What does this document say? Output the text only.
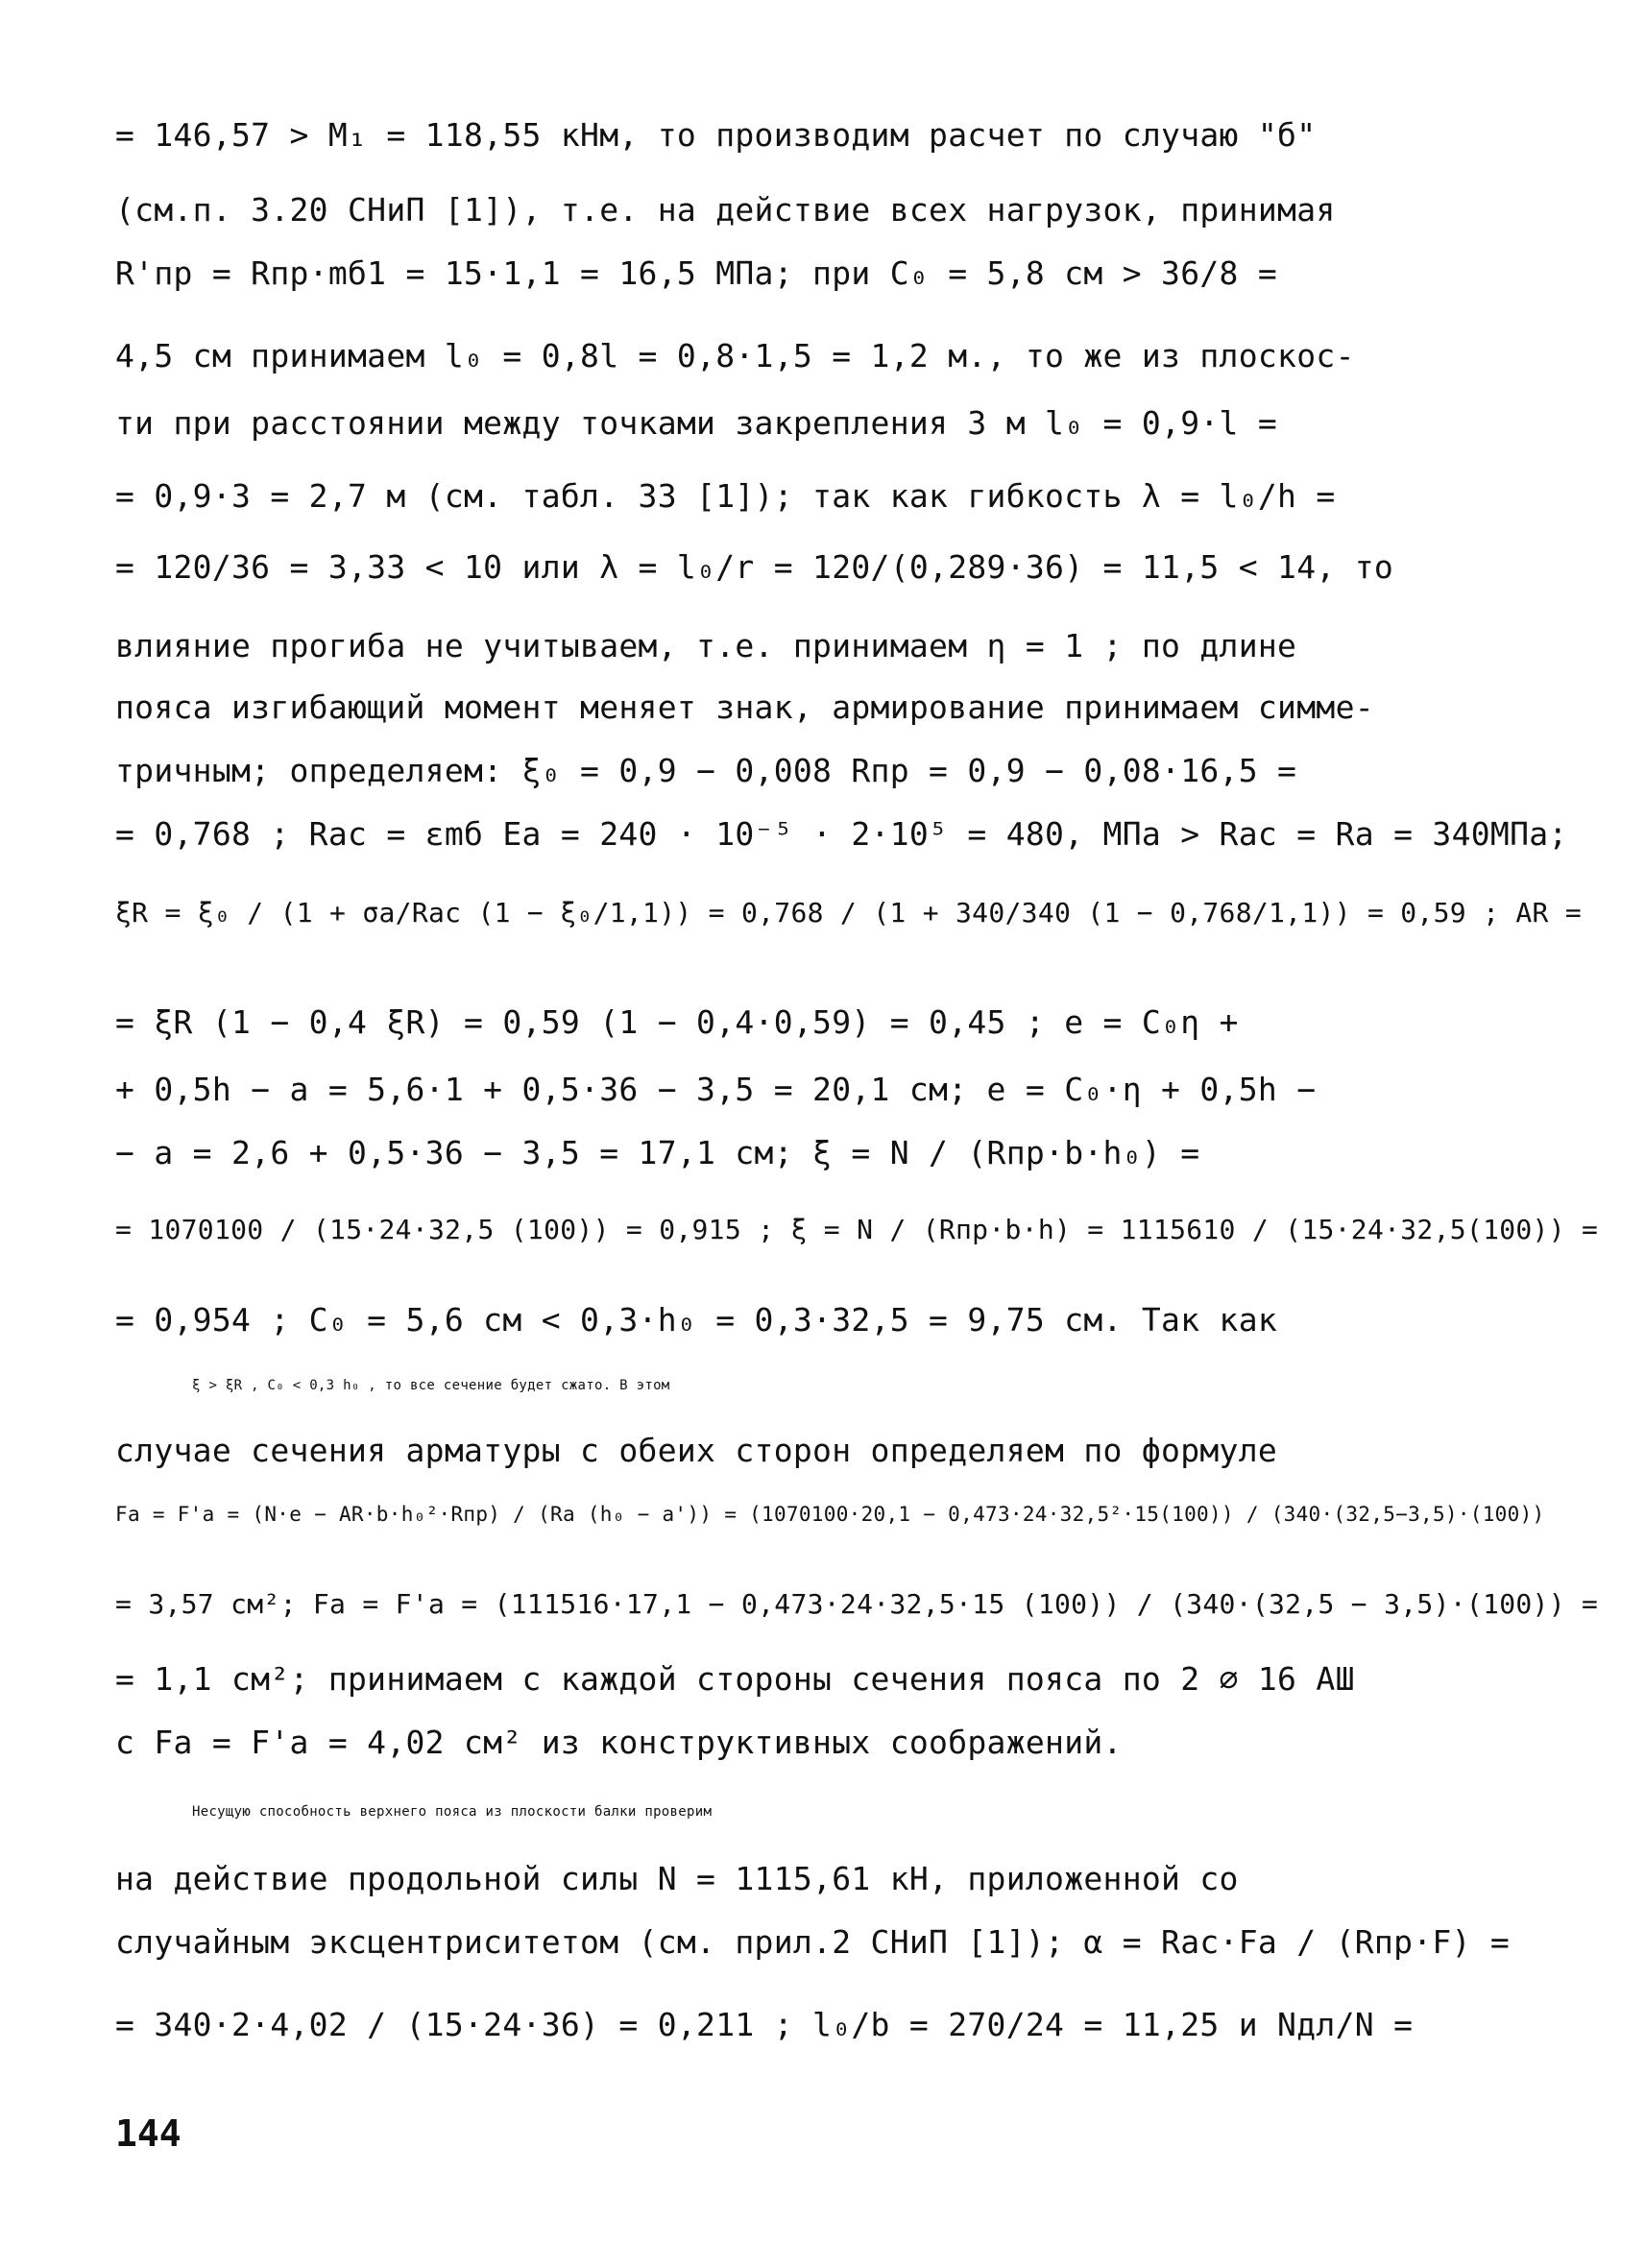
= 146,57 > M₁ = 118,55 кНм, то производим расчет по случаю "б"
(см.п. 3.20 СНиП [1]), т.е. на действие всех нагрузок, принимая
R'пр = Rпр·mб1 = 15·1,1 = 16,5 МПа; при C₀ = 5,8 см > 36/8 =
4,5 см принимаем l₀ = 0,8l = 0,8·1,5 = 1,2 м., то же из плоскос-
ти при расстоянии между точками закрепления 3 м l₀ = 0,9·l =
= 0,9·3 = 2,7 м (см. табл. 33 [1]); так как гибкость λ = l₀/h =
= 120/36 = 3,33 < 10 или λ = l₀/r = 120/(0,289·36) = 11,5 < 14, то
влияние прогиба не учитываем, т.е. принимаем η = 1 ; по длине
пояса изгибающий момент меняет знак, армирование принимаем симме-
тричным; определяем: ξ₀ = 0,9 − 0,008 Rпр = 0,9 − 0,08·16,5 =
= 0,768 ; Rас = εmб Eа = 240 · 10⁻⁵ · 2·10⁵ = 480, МПа > Rас = Rа = 340МПа;
ξR = ξ₀ / (1 + σа/Rас (1 − ξ₀/1,1)) = 0,768 / (1 + 340/340 (1 − 0,768/1,1)) = 0,59 ; AR =
= ξR (1 − 0,4 ξR) = 0,59 (1 − 0,4·0,59) = 0,45 ; e = C₀η +
+ 0,5h − a = 5,6·1 + 0,5·36 − 3,5 = 20,1 см; e = C₀·η + 0,5h −
− a = 2,6 + 0,5·36 − 3,5 = 17,1 см; ξ = N / (Rпр·b·h₀) =
= 1070100 / (15·24·32,5 (100)) = 0,915 ; ξ = N / (Rпр·b·h) = 1115610 / (15·24·32,5(100)) =
= 0,954 ; C₀ = 5,6 см < 0,3·h₀ = 0,3·32,5 = 9,75 см. Так как
ξ > ξR , C₀ < 0,3 h₀ , то все сечение будет сжато. В этом
случае сечения арматуры с обеих сторон определяем по формуле
Fа = F'а = (N·e − AR·b·h₀²·Rпр) / (Rа (h₀ − a')) = (1070100·20,1 − 0,473·24·32,5²·15(100)) / (340·(32,5−3,5)·(100))
= 3,57 см²; Fа = F'а = (111516·17,1 − 0,473·24·32,5·15 (100)) / (340·(32,5 − 3,5)·(100)) =
= 1,1 см²; принимаем с каждой стороны сечения пояса по 2 ∅ 16 АШ
с Fа = F'а = 4,02 см² из конструктивных соображений.
Несущую способность верхнего пояса из плоскости балки проверим
на действие продольной силы N = 1115,61 кН, приложенной со
случайным эксцентриситетом (см. прил.2 СНиП [1]); α = Rас·Fа / (Rпр·F) =
= 340·2·4,02 / (15·24·36) = 0,211 ; l₀/b = 270/24 = 11,25 и Nдл/N =
144
